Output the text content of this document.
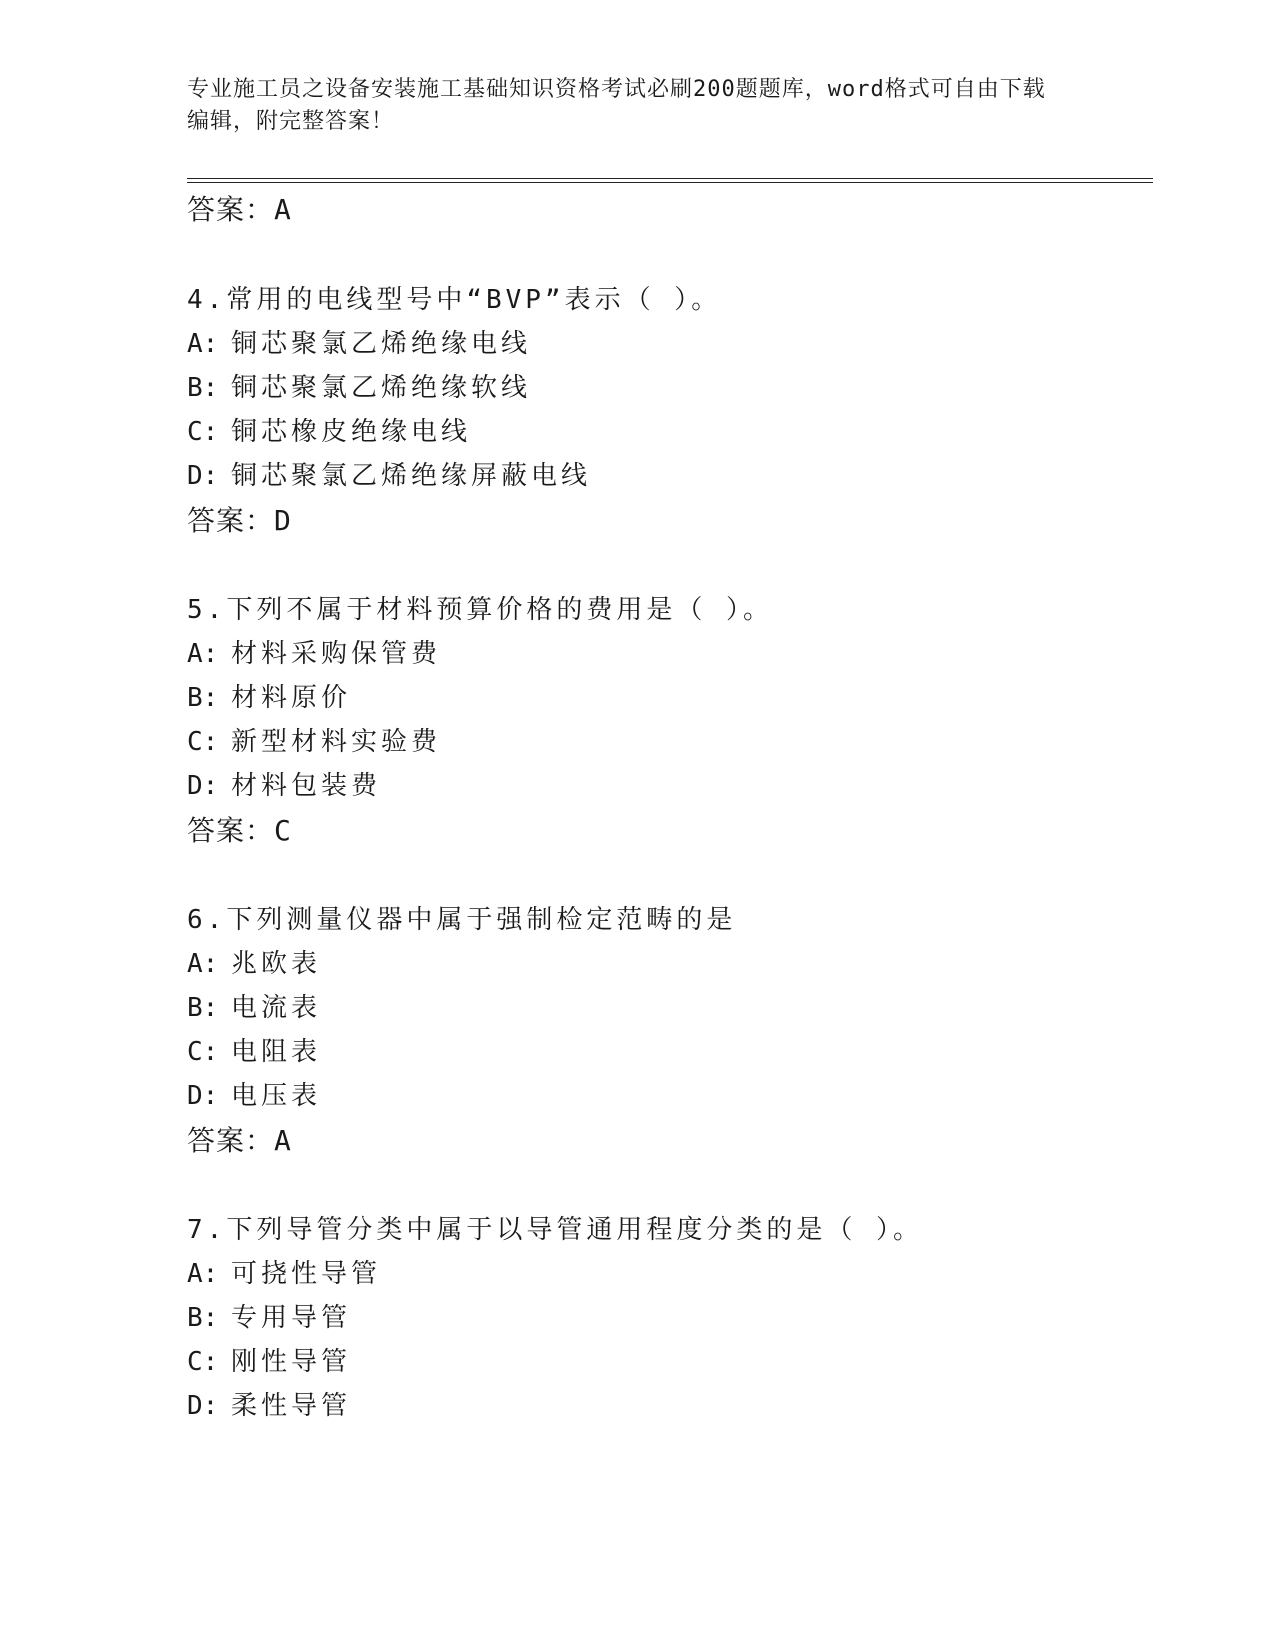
专业施工员之设备安装施工基础知识资格考试必刷200题题库，word格式可自由下载编辑，附完整答案！
答案：A
4.常用的电线型号中“BVP”表示（ ）。
A: 铜芯聚氯乙烯绝缘电线
B: 铜芯聚氯乙烯绝缘软线
C: 铜芯橡皮绝缘电线
D: 铜芯聚氯乙烯绝缘屏蔽电线
答案：D
5.下列不属于材料预算价格的费用是（ ）。
A: 材料采购保管费
B: 材料原价
C: 新型材料实验费
D: 材料包装费
答案：C
6.下列测量仪器中属于强制检定范畴的是
A: 兆欧表
B: 电流表
C: 电阻表
D: 电压表
答案：A
7.下列导管分类中属于以导管通用程度分类的是（ ）。
A: 可挠性导管
B: 专用导管
C: 刚性导管
D: 柔性导管
